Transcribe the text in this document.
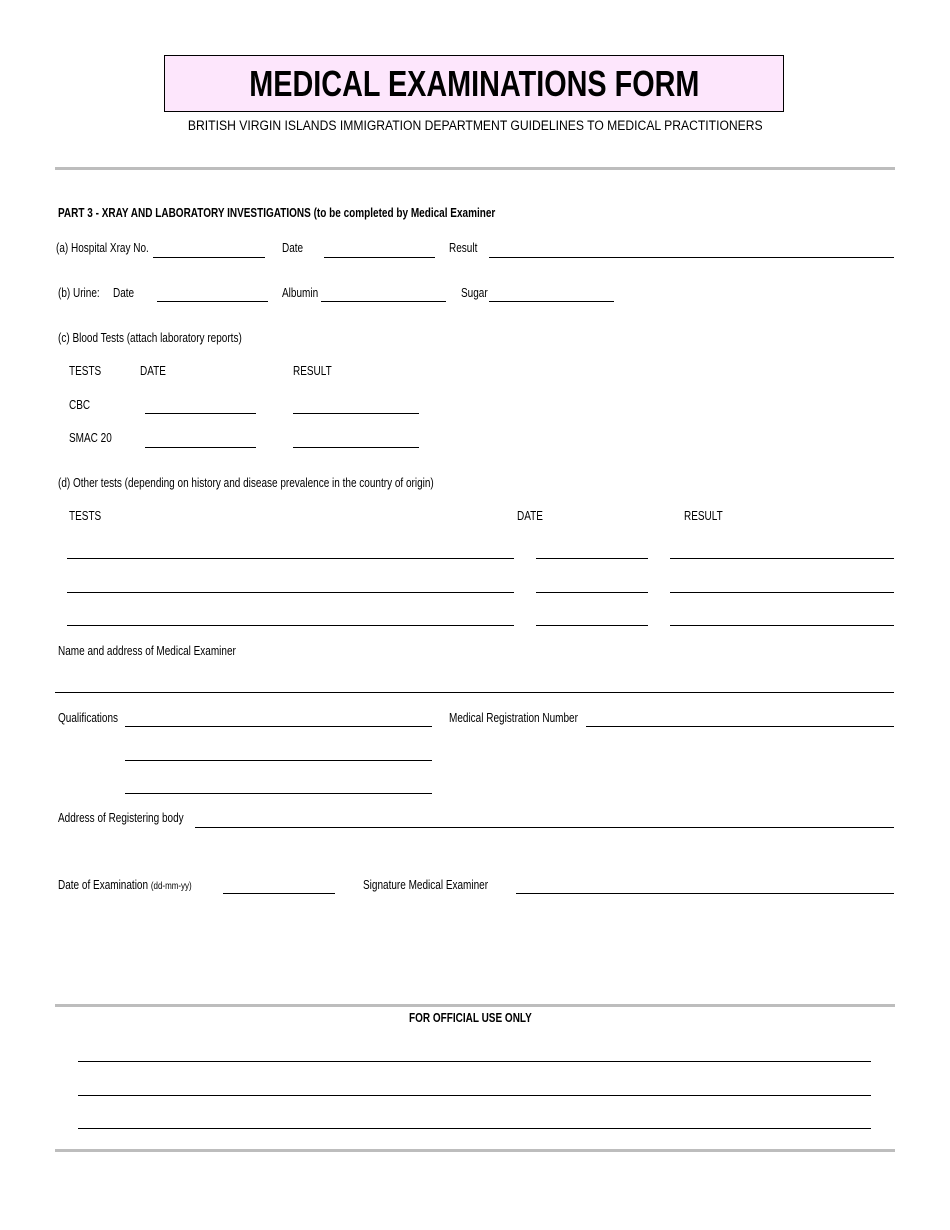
MEDICAL EXAMINATIONS FORM
BRITISH VIRGIN ISLANDS IMMIGRATION DEPARTMENT GUIDELINES TO MEDICAL PRACTITIONERS
PART 3 - XRAY AND LABORATORY INVESTIGATIONS (to be completed by Medical Examiner
(a) Hospital Xray No.	Date	Result
(b) Urine: Date	Albumin	Sugar
(c) Blood Tests (attach laboratory reports)
TESTS	DATE	RESULT
CBC
SMAC 20
(d) Other tests (depending on history and disease prevalence in the country of origin)
TESTS	DATE	RESULT
Name and address of Medical Examiner
Qualifications	Medical Registration Number
Address of Registering body
Date of Examination (dd-mm-yy)	Signature Medical Examiner
FOR OFFICIAL USE ONLY
